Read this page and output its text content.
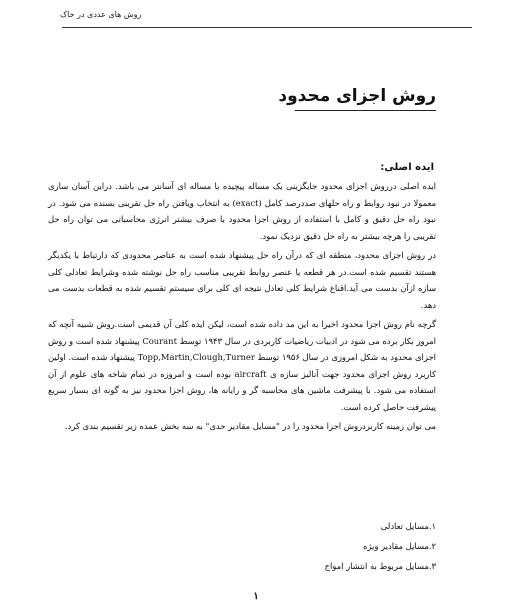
روش های عددی در خاک
روش اجزای محدود
ایده اصلی:

ایده اصلی درروش اجزای محدود جایگزینی یک مساله پیچیده با مساله ای آسانتر می باشد. دراین آسان سازی معمولا در نبود روابط و راه حلهای صددرصد کامل (exact) به انتخاب ویافتن راه حل تقریبی بسنده می شود. در نبود راه حل دقیق و کامل با استفاده از روش اجزا محدود با صرف بیشتر انرژی محاسباتی می توان راه حل تقریبی را هرچه بیشتر به راه حل دقیق نزدیک نمود.

در روش اجزای محدود، منطقه ای که درآن راه حل پیشنهاد شده است به عناصر محدودی که دارتباط با یکدیگر هستند تقسیم شده است.در هر قطعه یا عنصر روابط تقریبی مناسب راه حل نوشته شده وشرایط تعادلی کلی سازه ازآن بدست می آید.اقناع شرایط کلی تعادل نتیجه ای کلی برای سیستم تقسیم شده به قطعات بدست می دهد.

گرچه نام روش اجزا محدود اخیرا به این مد داده شده است، لیکن ایده کلی آن قدیمی است.روش شبیه آنچه که امروز بکار برده می شود در ادبیات ریاضیات کاربردی در سال ۱۹۴۳ توسط Courant پیشنهاد شده است و روش اجزای محدود به شکل امروزی در سال ۱۹۵۶ توسط Topp,Martin,Clough,Turner پیشنهاد شده است. اولین کاربرد روش اجزای محدود جهت آنالیز سازه ی aircraft بوده است و امروزه در تمام شاخه های علوم از آن استفاده می شود. با پیشرفت ماشین های محاسبه گر و رایانه ها، روش اجزا محدود نیز به گونه ای بسیار سریع پیشرفت حاصل کرده است.

می توان زمینه کاربردروش اجزا محدود را در "مسایل مقادیر حدی" به سه بخش عمده زیر تقسیم بندی کرد.

۱.مسایل تعادلی
۲.مسایل مقادیر ویژه
۳.مسایل مربوط به انتشار امواج
۱
